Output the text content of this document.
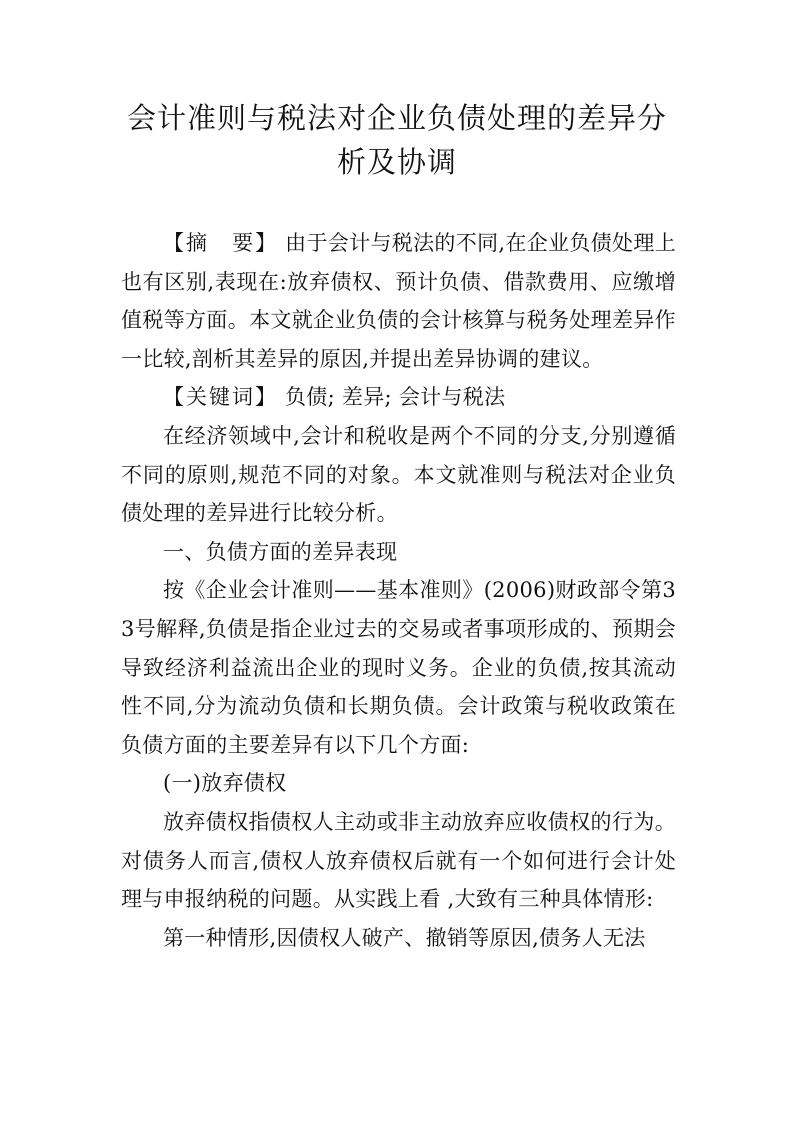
会计准则与税法对企业负债处理的差异分析及协调

【摘　要】 由于会计与税法的不同,在企业负债处理上也有区别,表现在:放弃债权、预计负债、借款费用、应缴增值税等方面。本文就企业负债的会计核算与税务处理差异作一比较,剖析其差异的原因,并提出差异协调的建议。

【关键词】 负债; 差异; 会计与税法

在经济领域中,会计和税收是两个不同的分支,分别遵循不同的原则,规范不同的对象。本文就准则与税法对企业负债处理的差异进行比较分析。

一、负债方面的差异表现

按《企业会计准则——基本准则》(2006)财政部令第33号解释,负债是指企业过去的交易或者事项形成的、预期会导致经济利益流出企业的现时义务。企业的负债,按其流动性不同,分为流动负债和长期负债。会计政策与税收政策在负债方面的主要差异有以下几个方面:

(一)放弃债权

放弃债权指债权人主动或非主动放弃应收债权的行为。对债务人而言,债权人放弃债权后就有一个如何进行会计处理与申报纳税的问题。从实践上看 ,大致有三种具体情形:

第一种情形,因债权人破产、撤销等原因,债务人无法
